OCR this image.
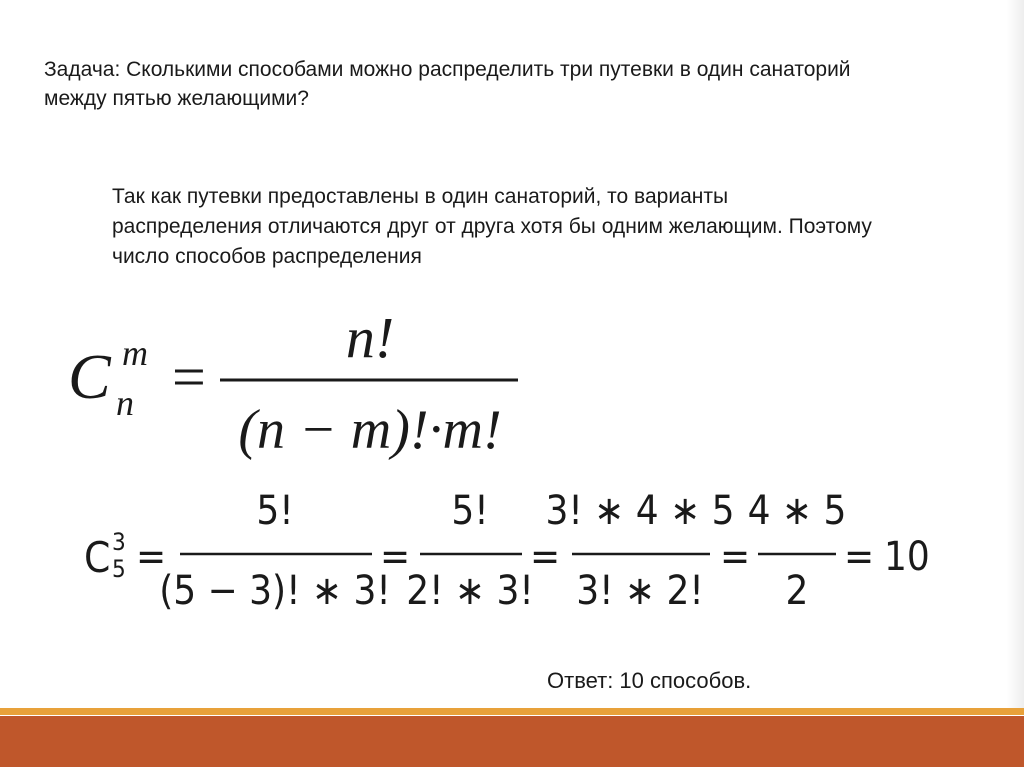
Задача: Сколькими способами можно распределить три путевки в один санаторий между пятью желающими?
Так как путевки предоставлены в один санаторий, то варианты распределения отличаются друг от друга хотя бы одним желающим. Поэтому число способов распределения
C m
n =
n!
(n − m)!·m!
C 3
5 =
5!
(5 − 3)! ∗ 3!
=
5!
2! ∗ 3!
=
3! ∗ 4 ∗ 5
3! ∗ 2!
=
4 ∗ 5
2
= 10
Ответ: 10 способов.
